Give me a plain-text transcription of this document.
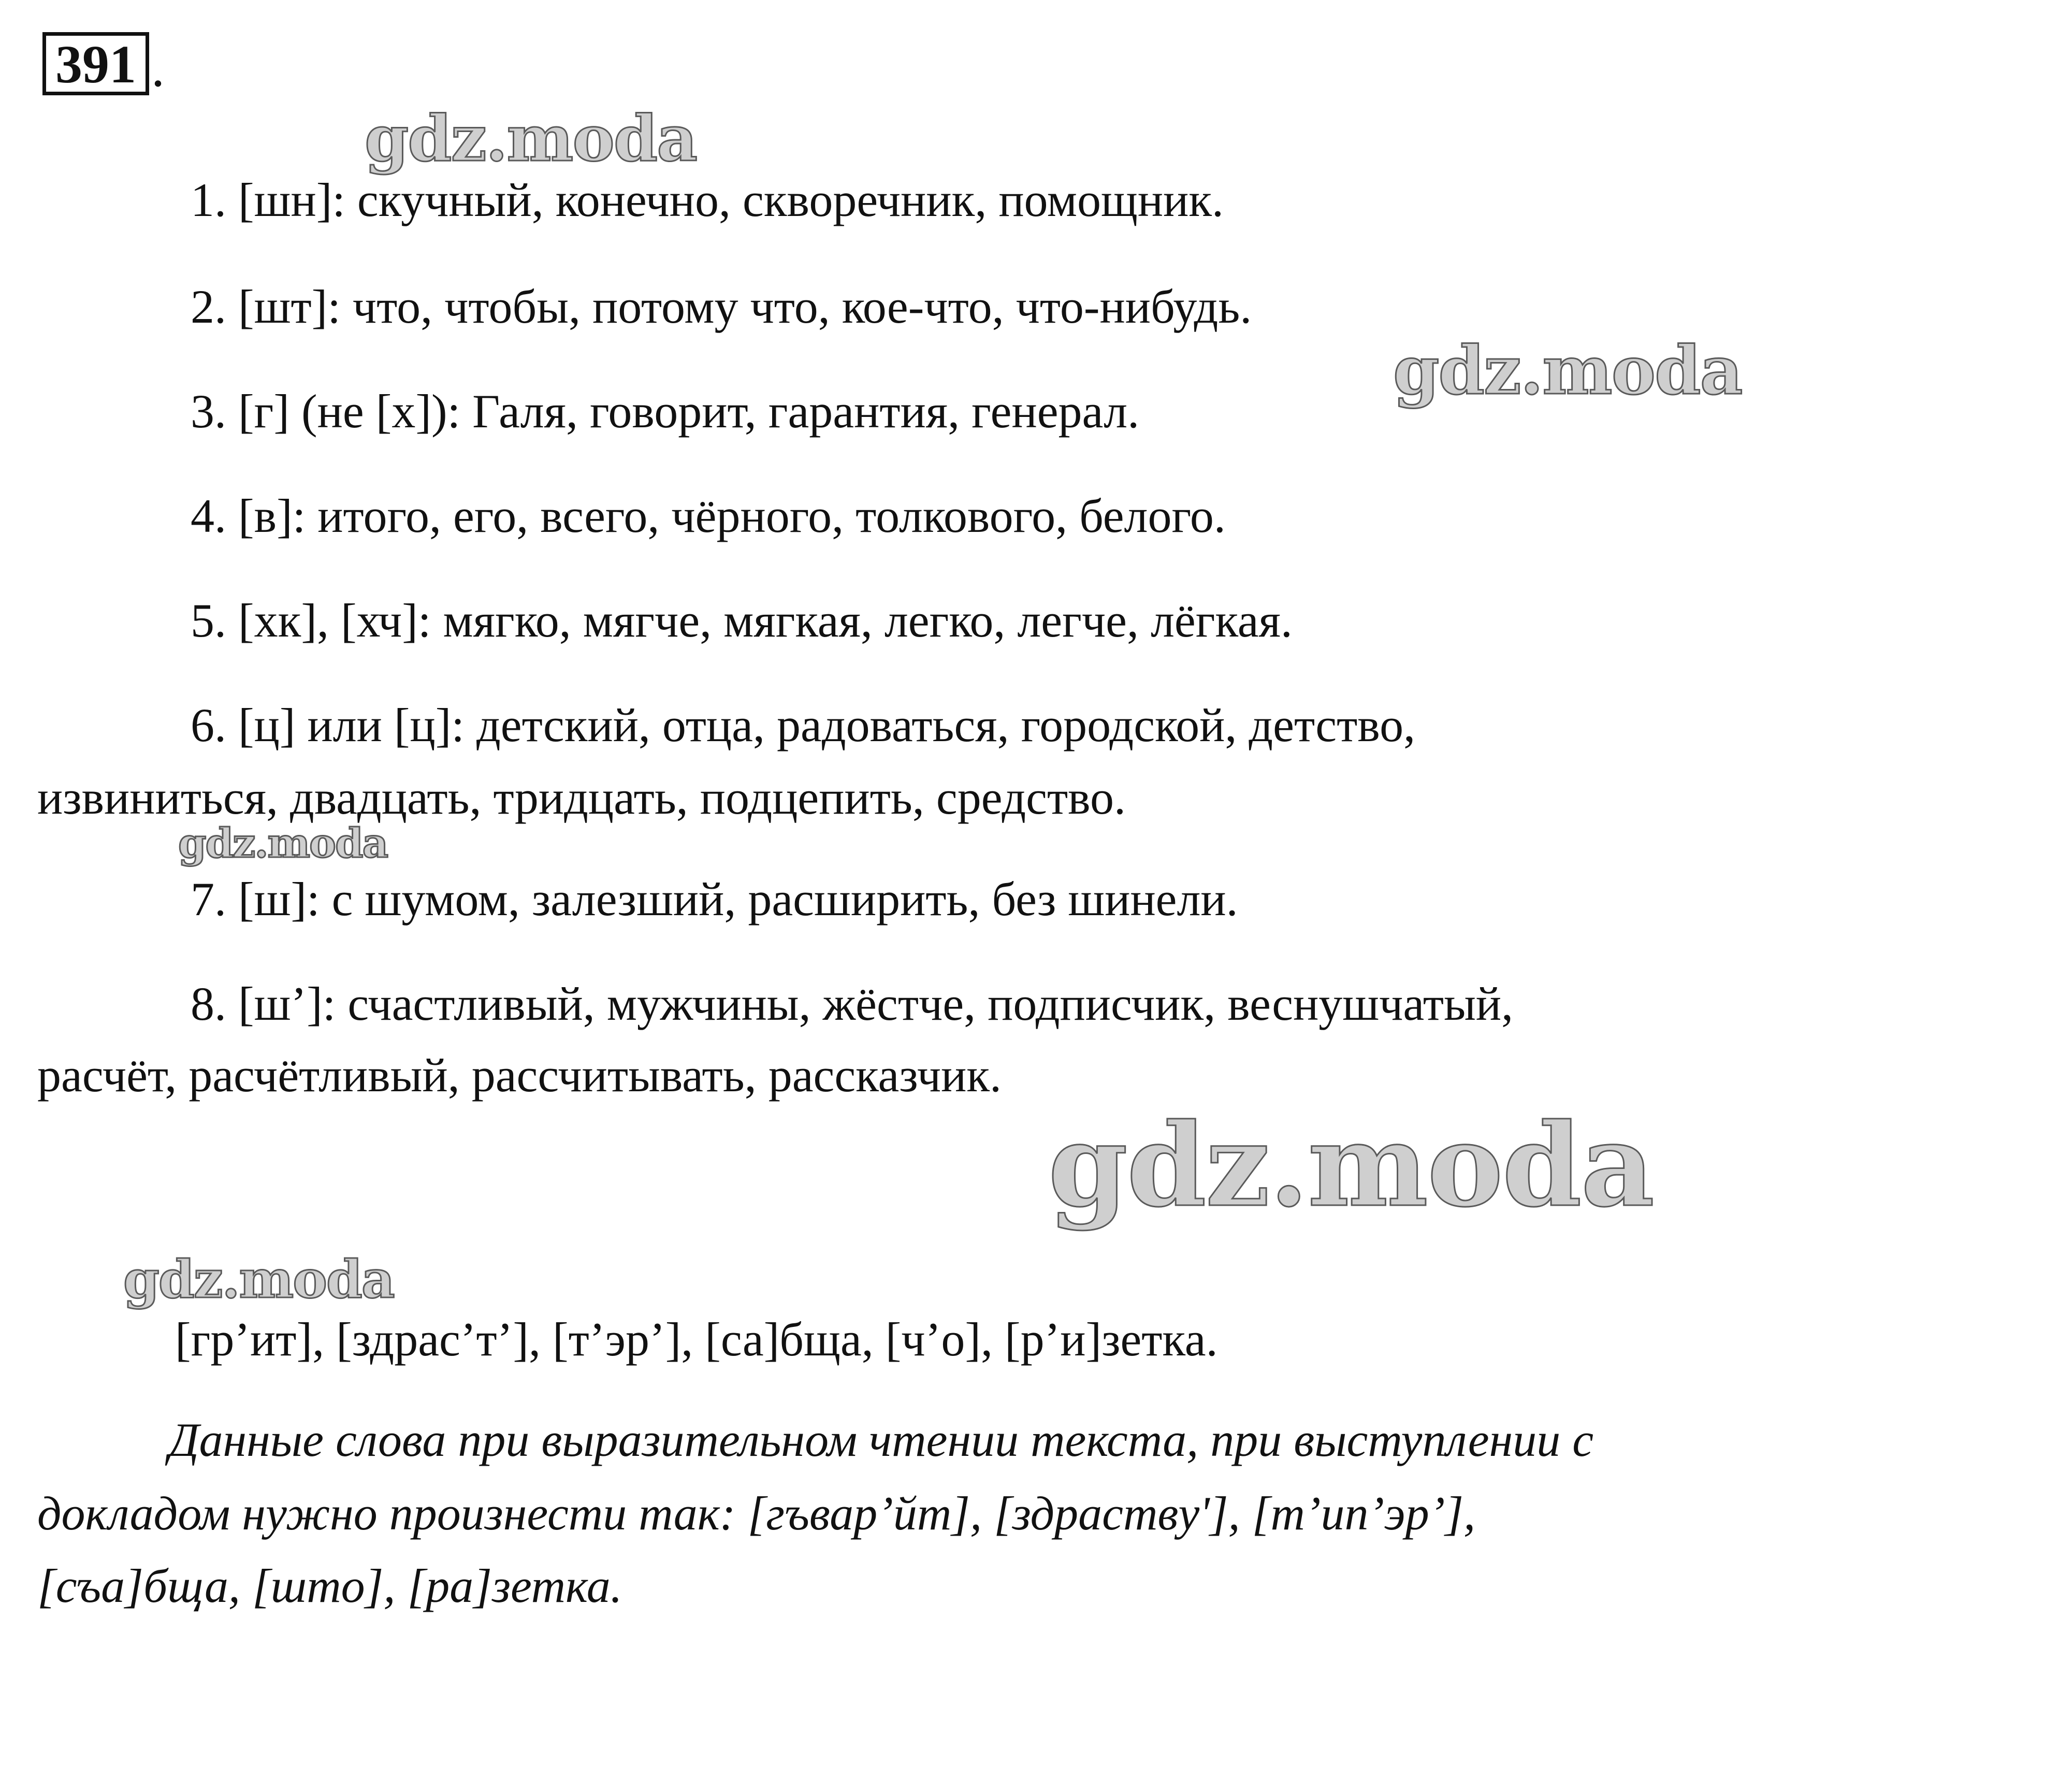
391 .
1. [шн]: скучный, конечно, скворечник, помощник.
2. [шт]: что, чтобы, потому что, кое-что, что-нибудь.
3. [г] (не [х]): Галя, говорит, гарантия, генерал.
4. [в]: итого, его, всего, чёрного, толкового, белого.
5. [хк], [хч]: мягко, мягче, мягкая, легко, легче, лёгкая.
6. [ц] или [ц]: детский, отца, радоваться, городской, детство,
извиниться, двадцать, тридцать, подцепить, средство.
7. [ш]: с шумом, залезший, расширить, без шинели.
8. [ш’]: счастливый, мужчины, жёстче, подписчик, веснушчатый,
расчёт, расчётливый, рассчитывать, рассказчик.
[гр’ит], [здрас’т’], [т’эр’], [са]бща, [ч’о], [р’и]зетка.
Данные слова при выразительном чтении текста, при выступлении с
докладом нужно произнести так: [гъвар’йт], [здраству'], [т’ип’эр’],
[съа]бща, [што], [ра]зетка.
gdz.moda
gdz.moda
gdz.moda
gdz.moda
gdz.moda
